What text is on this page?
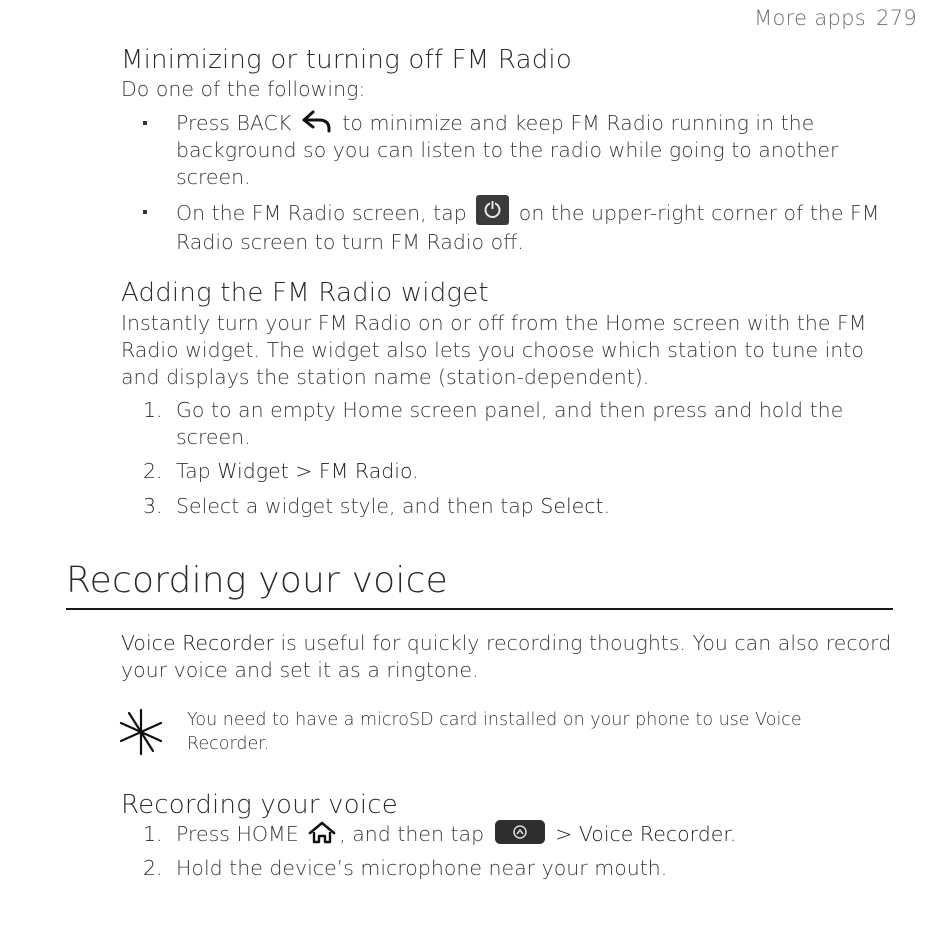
More apps 279
Minimizing or turning off FM Radio
Do one of the following:
Press BACK to minimize and keep FM Radio running in the background so you can listen to the radio while going to another screen.
On the FM Radio screen, tap	on the upper-right corner of the FM Radio screen to turn FM Radio off.
Adding the FM Radio widget
Instantly turn your FM Radio on or off from the Home screen with the FM Radio widget. The widget also lets you choose which station to tune into and displays the station name (station-dependent).
1. Go to an empty Home screen panel, and then press and hold the screen.
2. Tap Widget > FM Radio.
3. Select a widget style, and then tap Select.
Recording your voice
Voice Recorder is useful for quickly recording thoughts. You can also record your voice and set it as a ringtone.
You need to have a microSD card installed on your phone to use Voice Recorder.
Recording your voice
1. Press HOME , and then tap	> Voice Recorder.
2. Hold the device’s microphone near your mouth.
